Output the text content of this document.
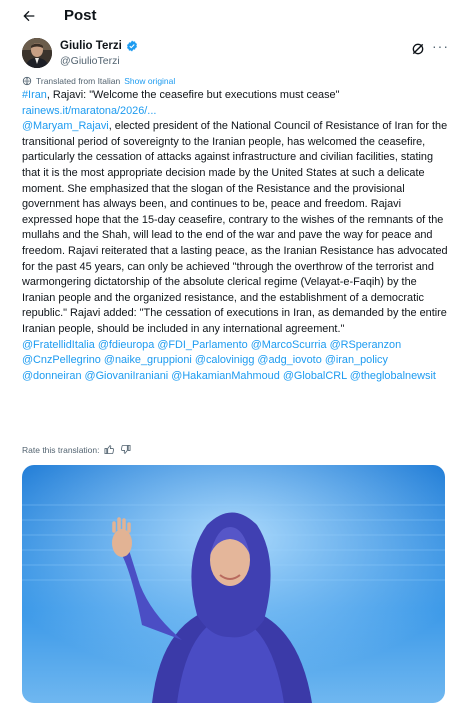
Post
Giulio Terzi
@GiulioTerzi
···
Translated from Italian Show original
#Iran, Rajavi: "Welcome the ceasefire but executions must cease"
rainews.it/maratona/2026/...
@Maryam_Rajavi, elected president of the National Council of Resistance of Iran for the transitional period of sovereignty to the Iranian people, has welcomed the ceasefire, particularly the cessation of attacks against infrastructure and civilian facilities, stating that it is the most appropriate decision made by the United States at such a delicate moment. She emphasized that the slogan of the Resistance and the provisional government has always been, and continues to be, peace and freedom. Rajavi expressed hope that the 15-day ceasefire, contrary to the wishes of the remnants of the mullahs and the Shah, will lead to the end of the war and pave the way for peace and freedom. Rajavi reiterated that a lasting peace, as the Iranian Resistance has advocated for the past 45 years, can only be achieved "through the overthrow of the terrorist and warmongering dictatorship of the absolute clerical regime (Velayat-e-Faqih) by the Iranian people and the organized resistance, and the establishment of a democratic republic." Rajavi added: "The cessation of executions in Iran, as demanded by the entire Iranian people, should be included in any international agreement."
@FratellidItalia @fdieuropa @FDI_Parlamento @MarcoScurria @RSperanzon @CnzPellegrino @naike_gruppioni @calovinigg @adg_iovoto @iran_policy @donneiran @GiovaniIraniani @HakamianMahmoud @GlobalCRL @theglobalnewsit
Rate this translation:
